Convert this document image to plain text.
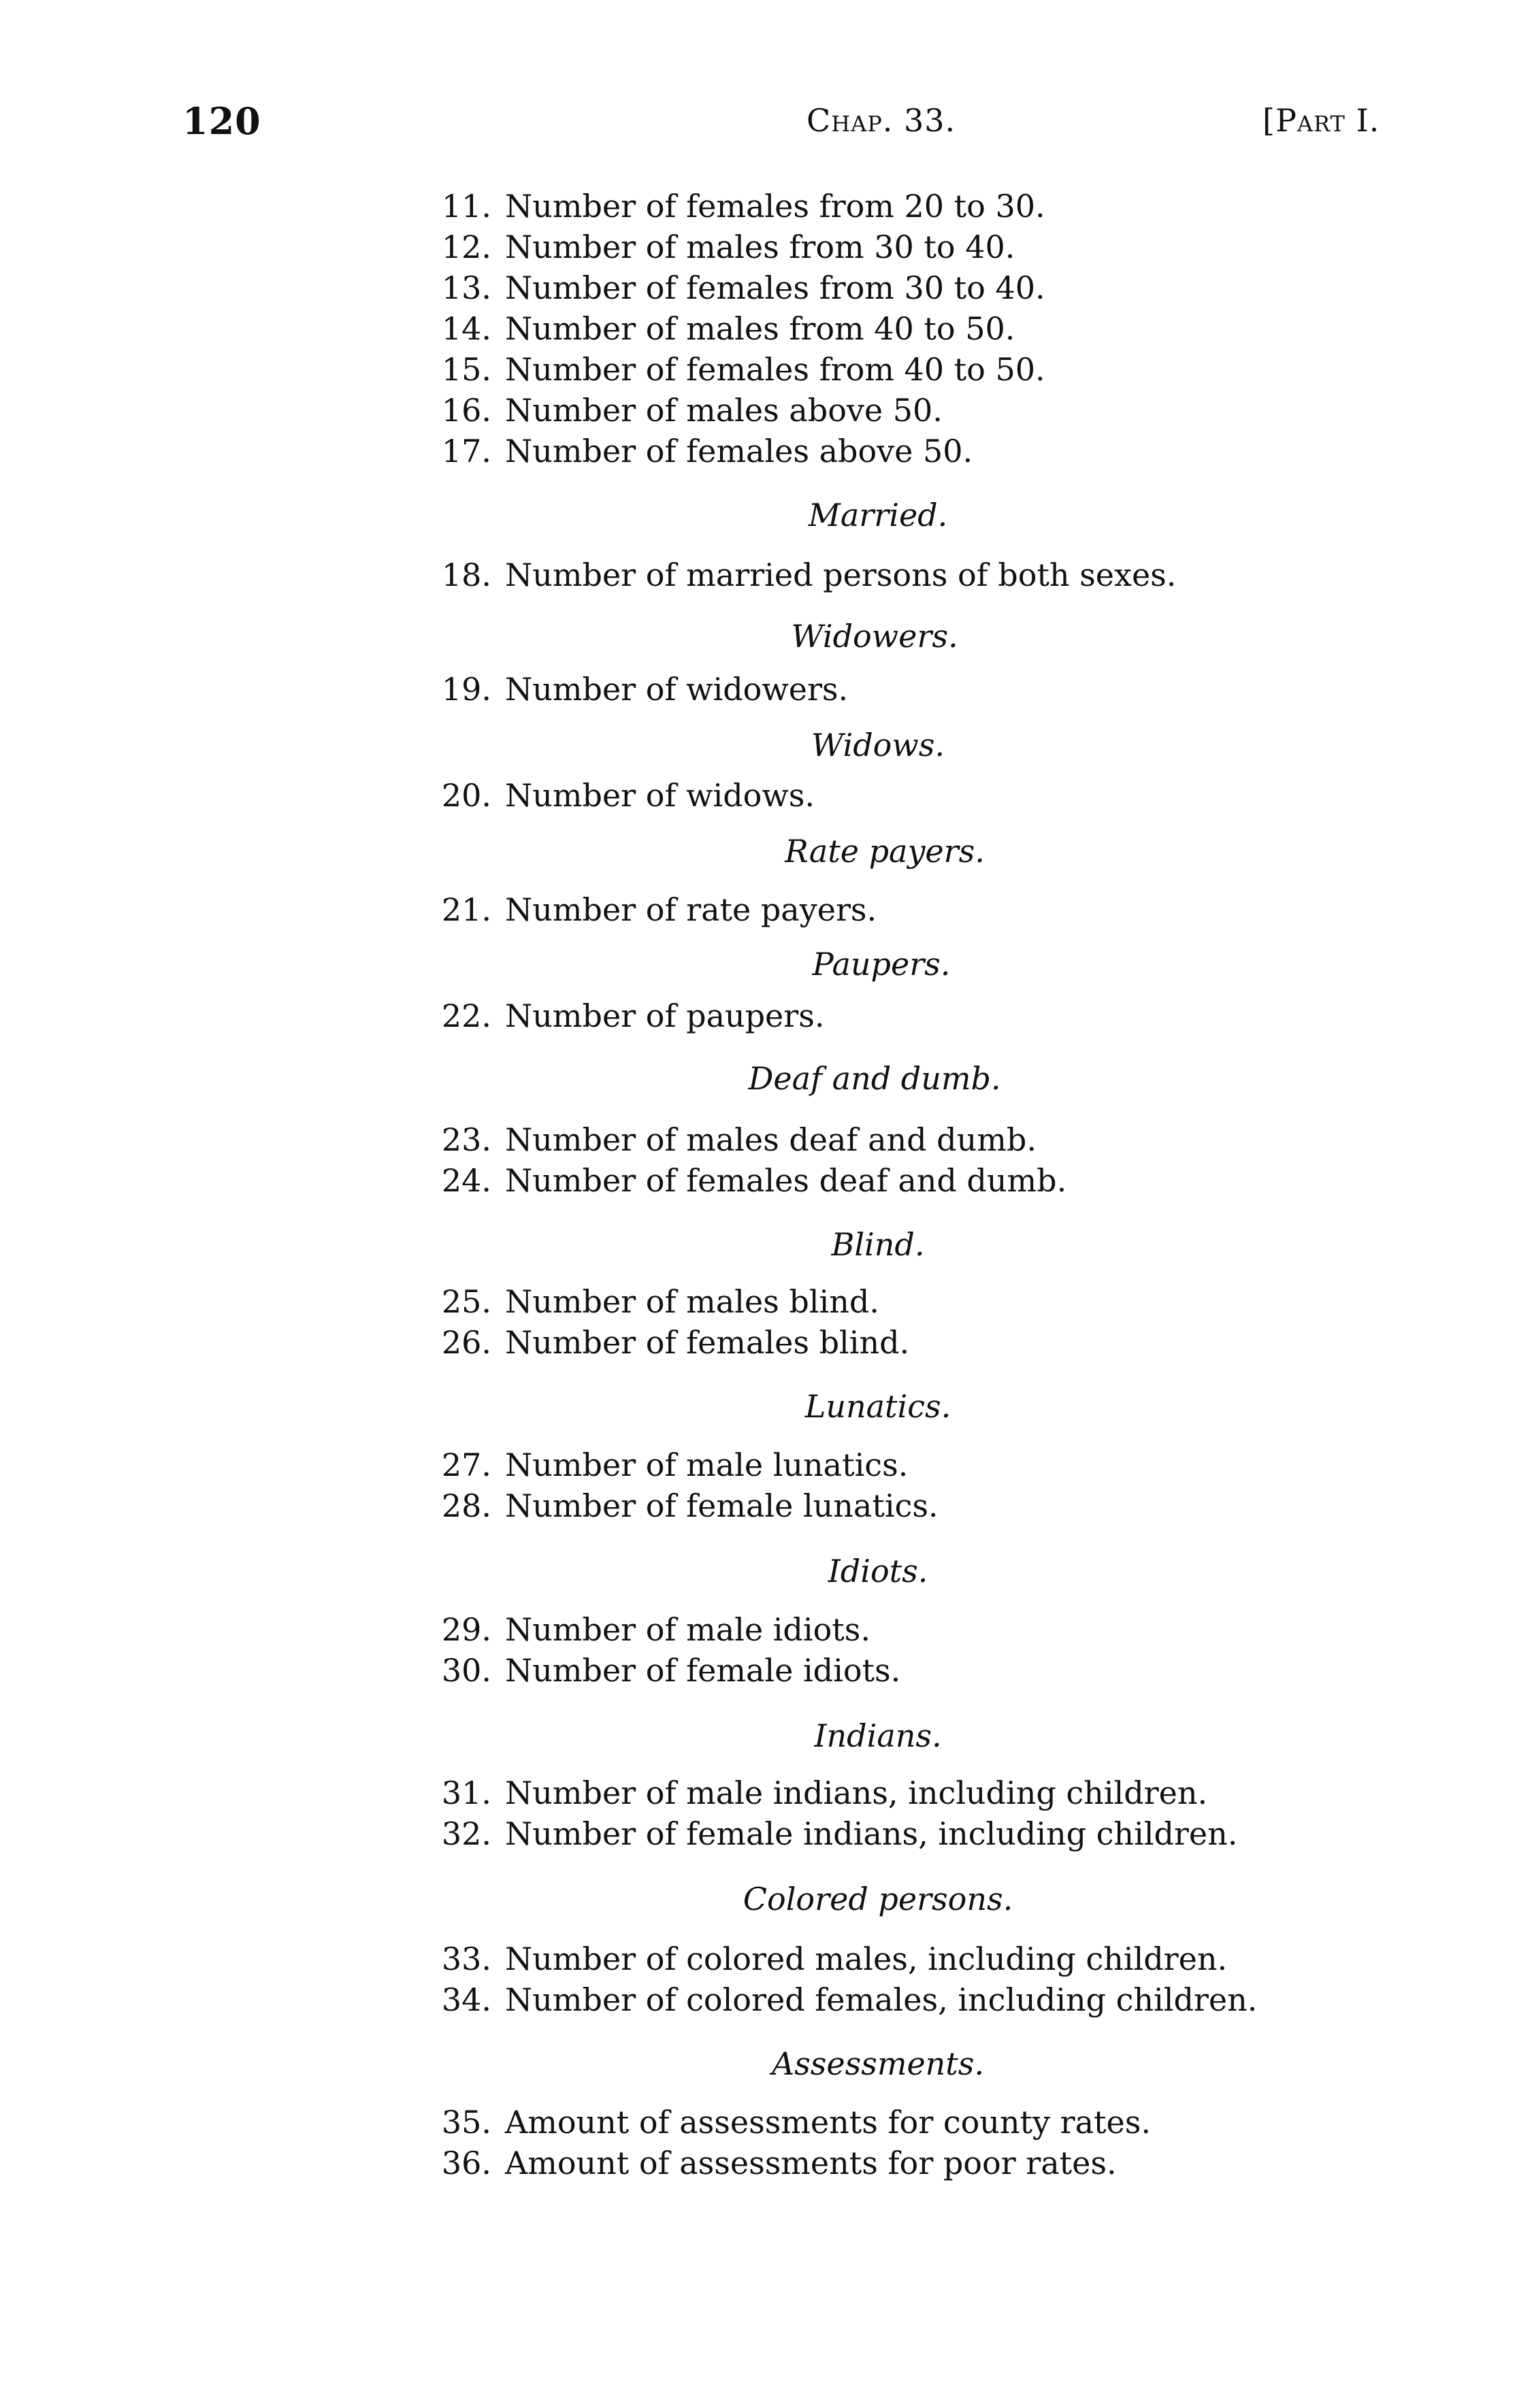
120	Chap. 33.	[Part I.
11. Number of females from 20 to 30.
12. Number of males from 30 to 40.
13. Number of females from 30 to 40.
14. Number of males from 40 to 50.
15. Number of females from 40 to 50.
16. Number of males above 50.
17. Number of females above 50.
Married.
18. Number of married persons of both sexes.
Widowers.
19. Number of widowers.
Widows.
20. Number of widows.
Rate payers.
21. Number of rate payers.
Paupers.
22. Number of paupers.
Deaf and dumb.
23. Number of males deaf and dumb.
24. Number of females deaf and dumb.
Blind.
25. Number of males blind.
26. Number of females blind.
Lunatics.
27. Number of male lunatics.
28. Number of female lunatics.
Idiots.
29. Number of male idiots.
30. Number of female idiots.
Indians.
31. Number of male indians, including children.
32. Number of female indians, including children.
Colored persons.
33. Number of colored males, including children.
34. Number of colored females, including children.
Assessments.
35. Amount of assessments for county rates.
36. Amount of assessments for poor rates.
